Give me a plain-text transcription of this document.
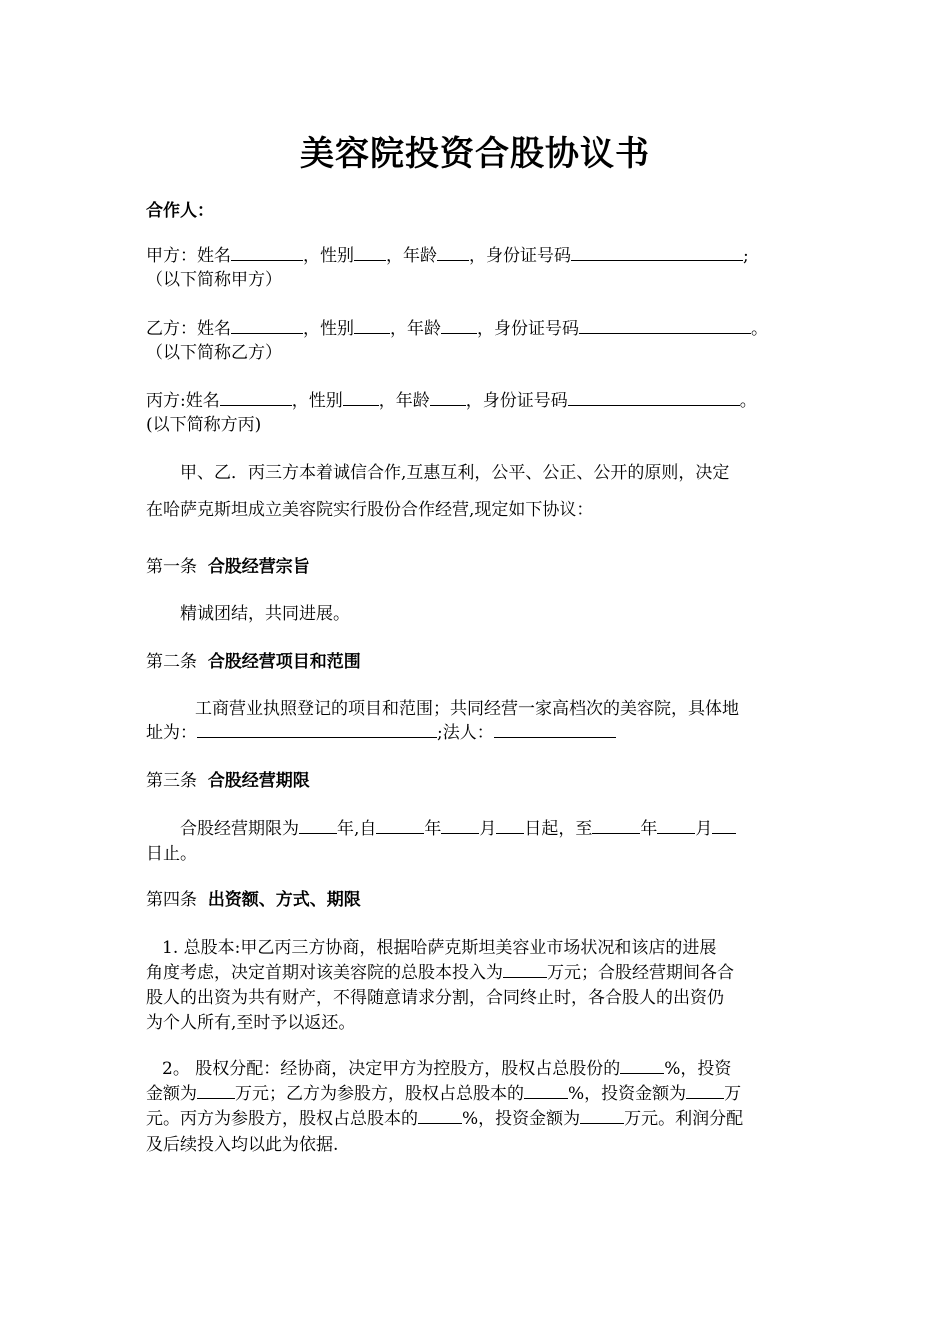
美容院投资合股协议书
合作人：
甲方：姓名	，性别 ，年龄 ，身份证号码	;
（以下简称甲方）
乙方：姓名	，性别 ，年龄 ，身份证号码	。
（以下简称乙方）
丙方:姓名	，性别 ，年龄 ，身份证号码	。
(以下简称方丙)
甲、乙．丙三方本着诚信合作,互惠互利，公平、公正、公开的原则，决定
在哈萨克斯坦成立美容院实行股份合作经营,现定如下协议：
第一条 合股经营宗旨
精诚团结，共同进展。
第二条 合股经营项目和范围
工商营业执照登记的项目和范围；共同经营一家高档次的美容院，具体地
址为：	;法人：
第三条 合股经营期限
合股经营期限为 年,自	年 月 日起，至	年 月
日止。
第四条 出资额、方式、期限
1. 总股本:甲乙丙三方协商，根据哈萨克斯坦美容业市场状况和该店的进展
角度考虑，决定首期对该美容院的总股本投入为	万元；合股经营期间各合
股人的出资为共有财产，不得随意请求分割，合同终止时，各合股人的出资仍
为个人所有,至时予以返还。
2。 股权分配：经协商，决定甲方为控股方，股权占总股份的	%，投资
金额为 万元；乙方为参股方，股权占总股本的	%，投资金额为 万
元。丙方为参股方，股权占总股本的	%，投资金额为	万元。利润分配
及后续投入均以此为依据.
